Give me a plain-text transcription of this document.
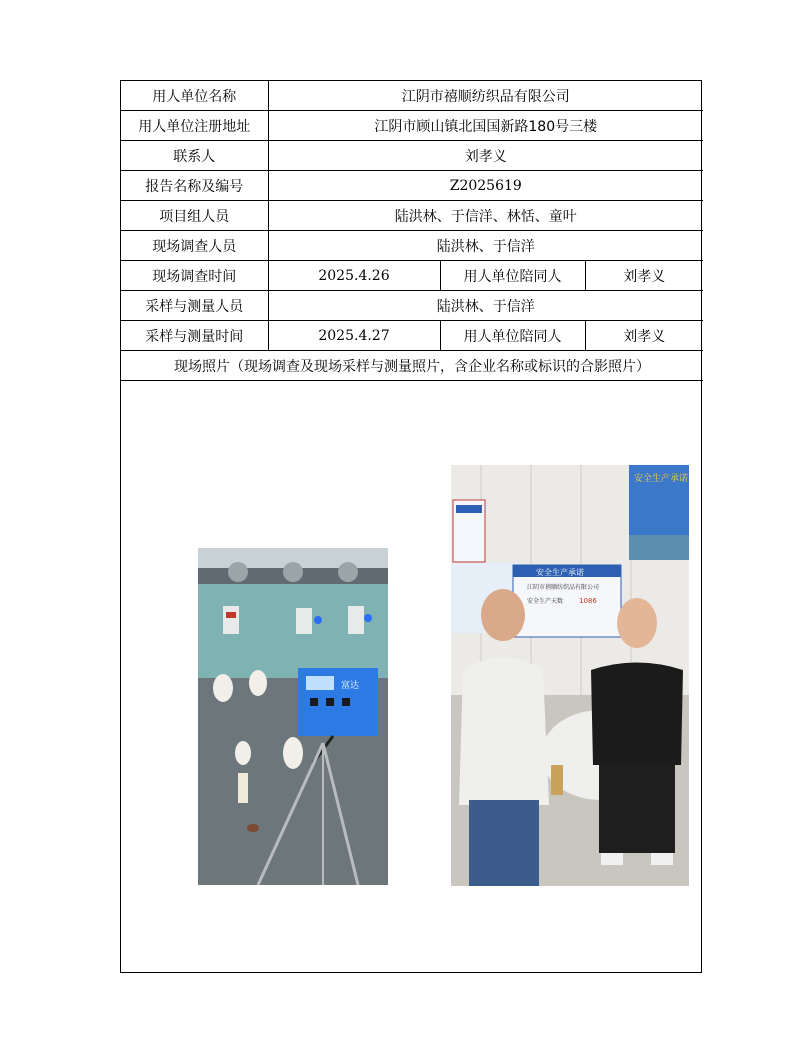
用人单位名称	江阴市禧顺纺织品有限公司		
用人单位注册地址	江阴市顾山镇北国国新路180号三楼		
联系人	刘孝义		
报告名称及编号	Z2025619		
项目组人员	陆洪林、于信洋、林恬、童叶		
现场调查人员	陆洪林、于信洋		
现场调查时间	2025.4.26	用人单位陪同人	刘孝义
采样与测量人员	陆洪林、于信洋		
采样与测量时间	2025.4.27	用人单位陪同人	刘孝义
现场照片（现场调查及现场采样与测量照片，含企业名称或标识的合影照片）			
富达
安全生产承诺
安全生产承诺
江阴市禧顺纺织品有限公司
安全生产天数 1086
